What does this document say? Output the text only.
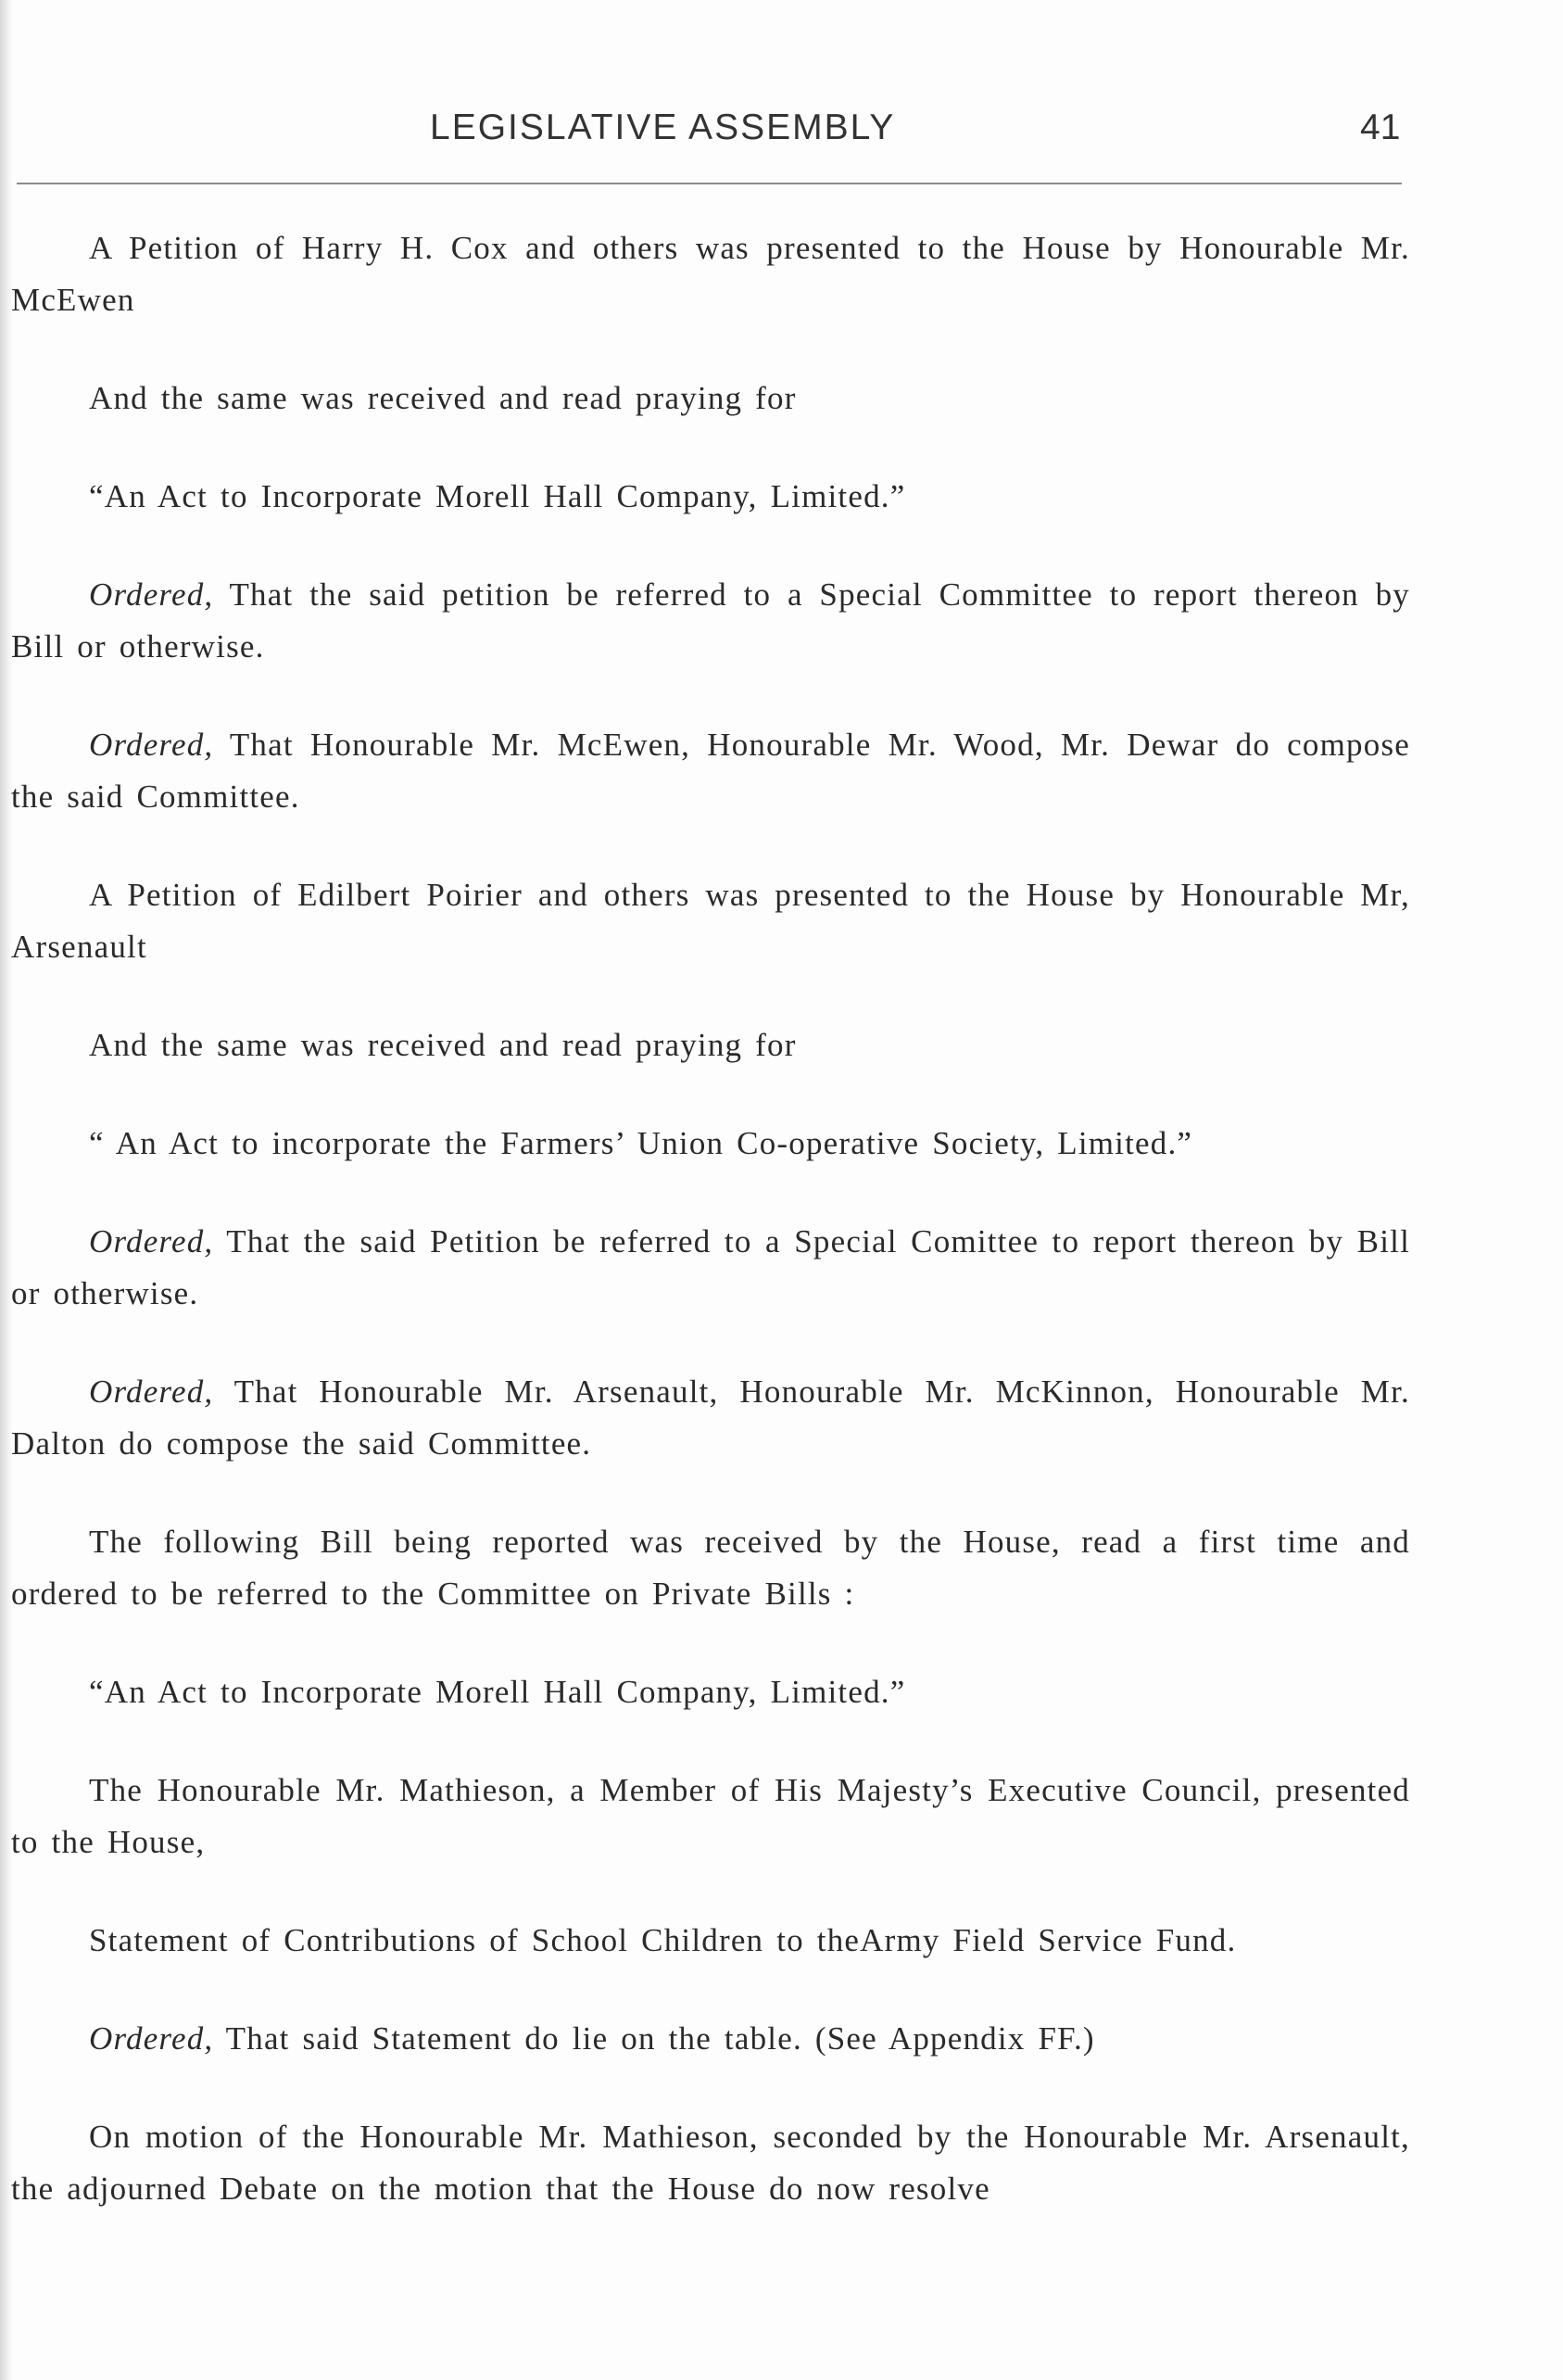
LEGISLATIVE ASSEMBLY	41

A Petition of Harry H. Cox and others was presented to the House by Honourable Mr. McEwen

And the same was received and read praying for

“An Act to Incorporate Morell Hall Company, Limited.”

Ordered, That the said petition be referred to a Special Committee to report thereon by Bill or otherwise.

Ordered, That Honourable Mr. McEwen, Honourable Mr. Wood, Mr. Dewar do compose the said Committee.

A Petition of Edilbert Poirier and others was presented to the House by Honourable Mr, Arsenault

And the same was received and read praying for

“ An Act to incorporate the Farmers’ Union Co-operative Society, Limited.”

Ordered, That the said Petition be referred to a Special Comittee to report thereon by Bill or otherwise.

Ordered, That Honourable Mr. Arsenault, Honourable Mr. McKinnon, Honourable Mr. Dalton do compose the said Committee.

The following Bill being reported was received by the House, read a first time and ordered to be referred to the Committee on Private Bills :

“An Act to Incorporate Morell Hall Company, Limited.”

The Honourable Mr. Mathieson, a Member of His Majesty’s Executive Council, presented to the House,

Statement of Contributions of School Children to theArmy Field Service Fund.

Ordered, That said Statement do lie on the table. (See Appendix FF.)

On motion of the Honourable Mr. Mathieson, seconded by the Honourable Mr. Arsenault, the adjourned Debate on the motion that the House do now resolve
